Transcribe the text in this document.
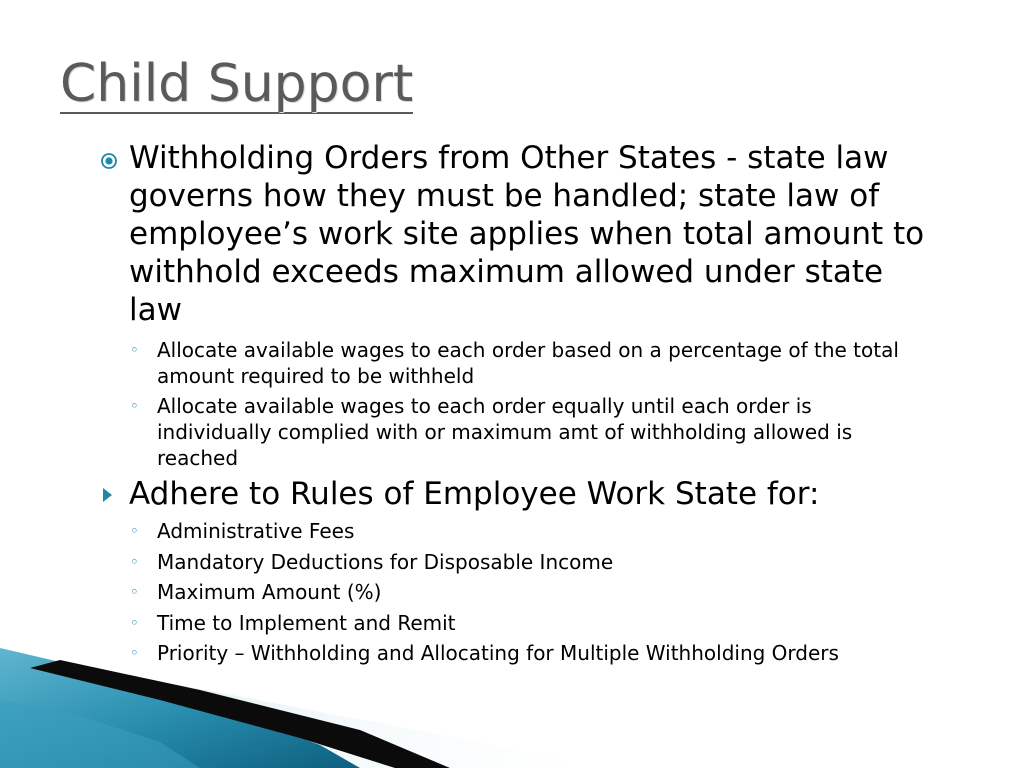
Child Support
Withholding Orders from Other States - state law governs how they must be handled; state law of employee’s work site applies when total amount to withhold exceeds maximum allowed under state law
◦ Allocate available wages to each order based on a percentage of the total amount required to be withheld
◦ Allocate available wages to each order equally until each order is individually complied with or maximum amt of withholding allowed is reached
Adhere to Rules of Employee Work State for:
◦ Administrative Fees
◦ Mandatory Deductions for Disposable Income
◦ Maximum Amount (%)
◦ Time to Implement and Remit
◦ Priority – Withholding and Allocating for Multiple Withholding Orders
